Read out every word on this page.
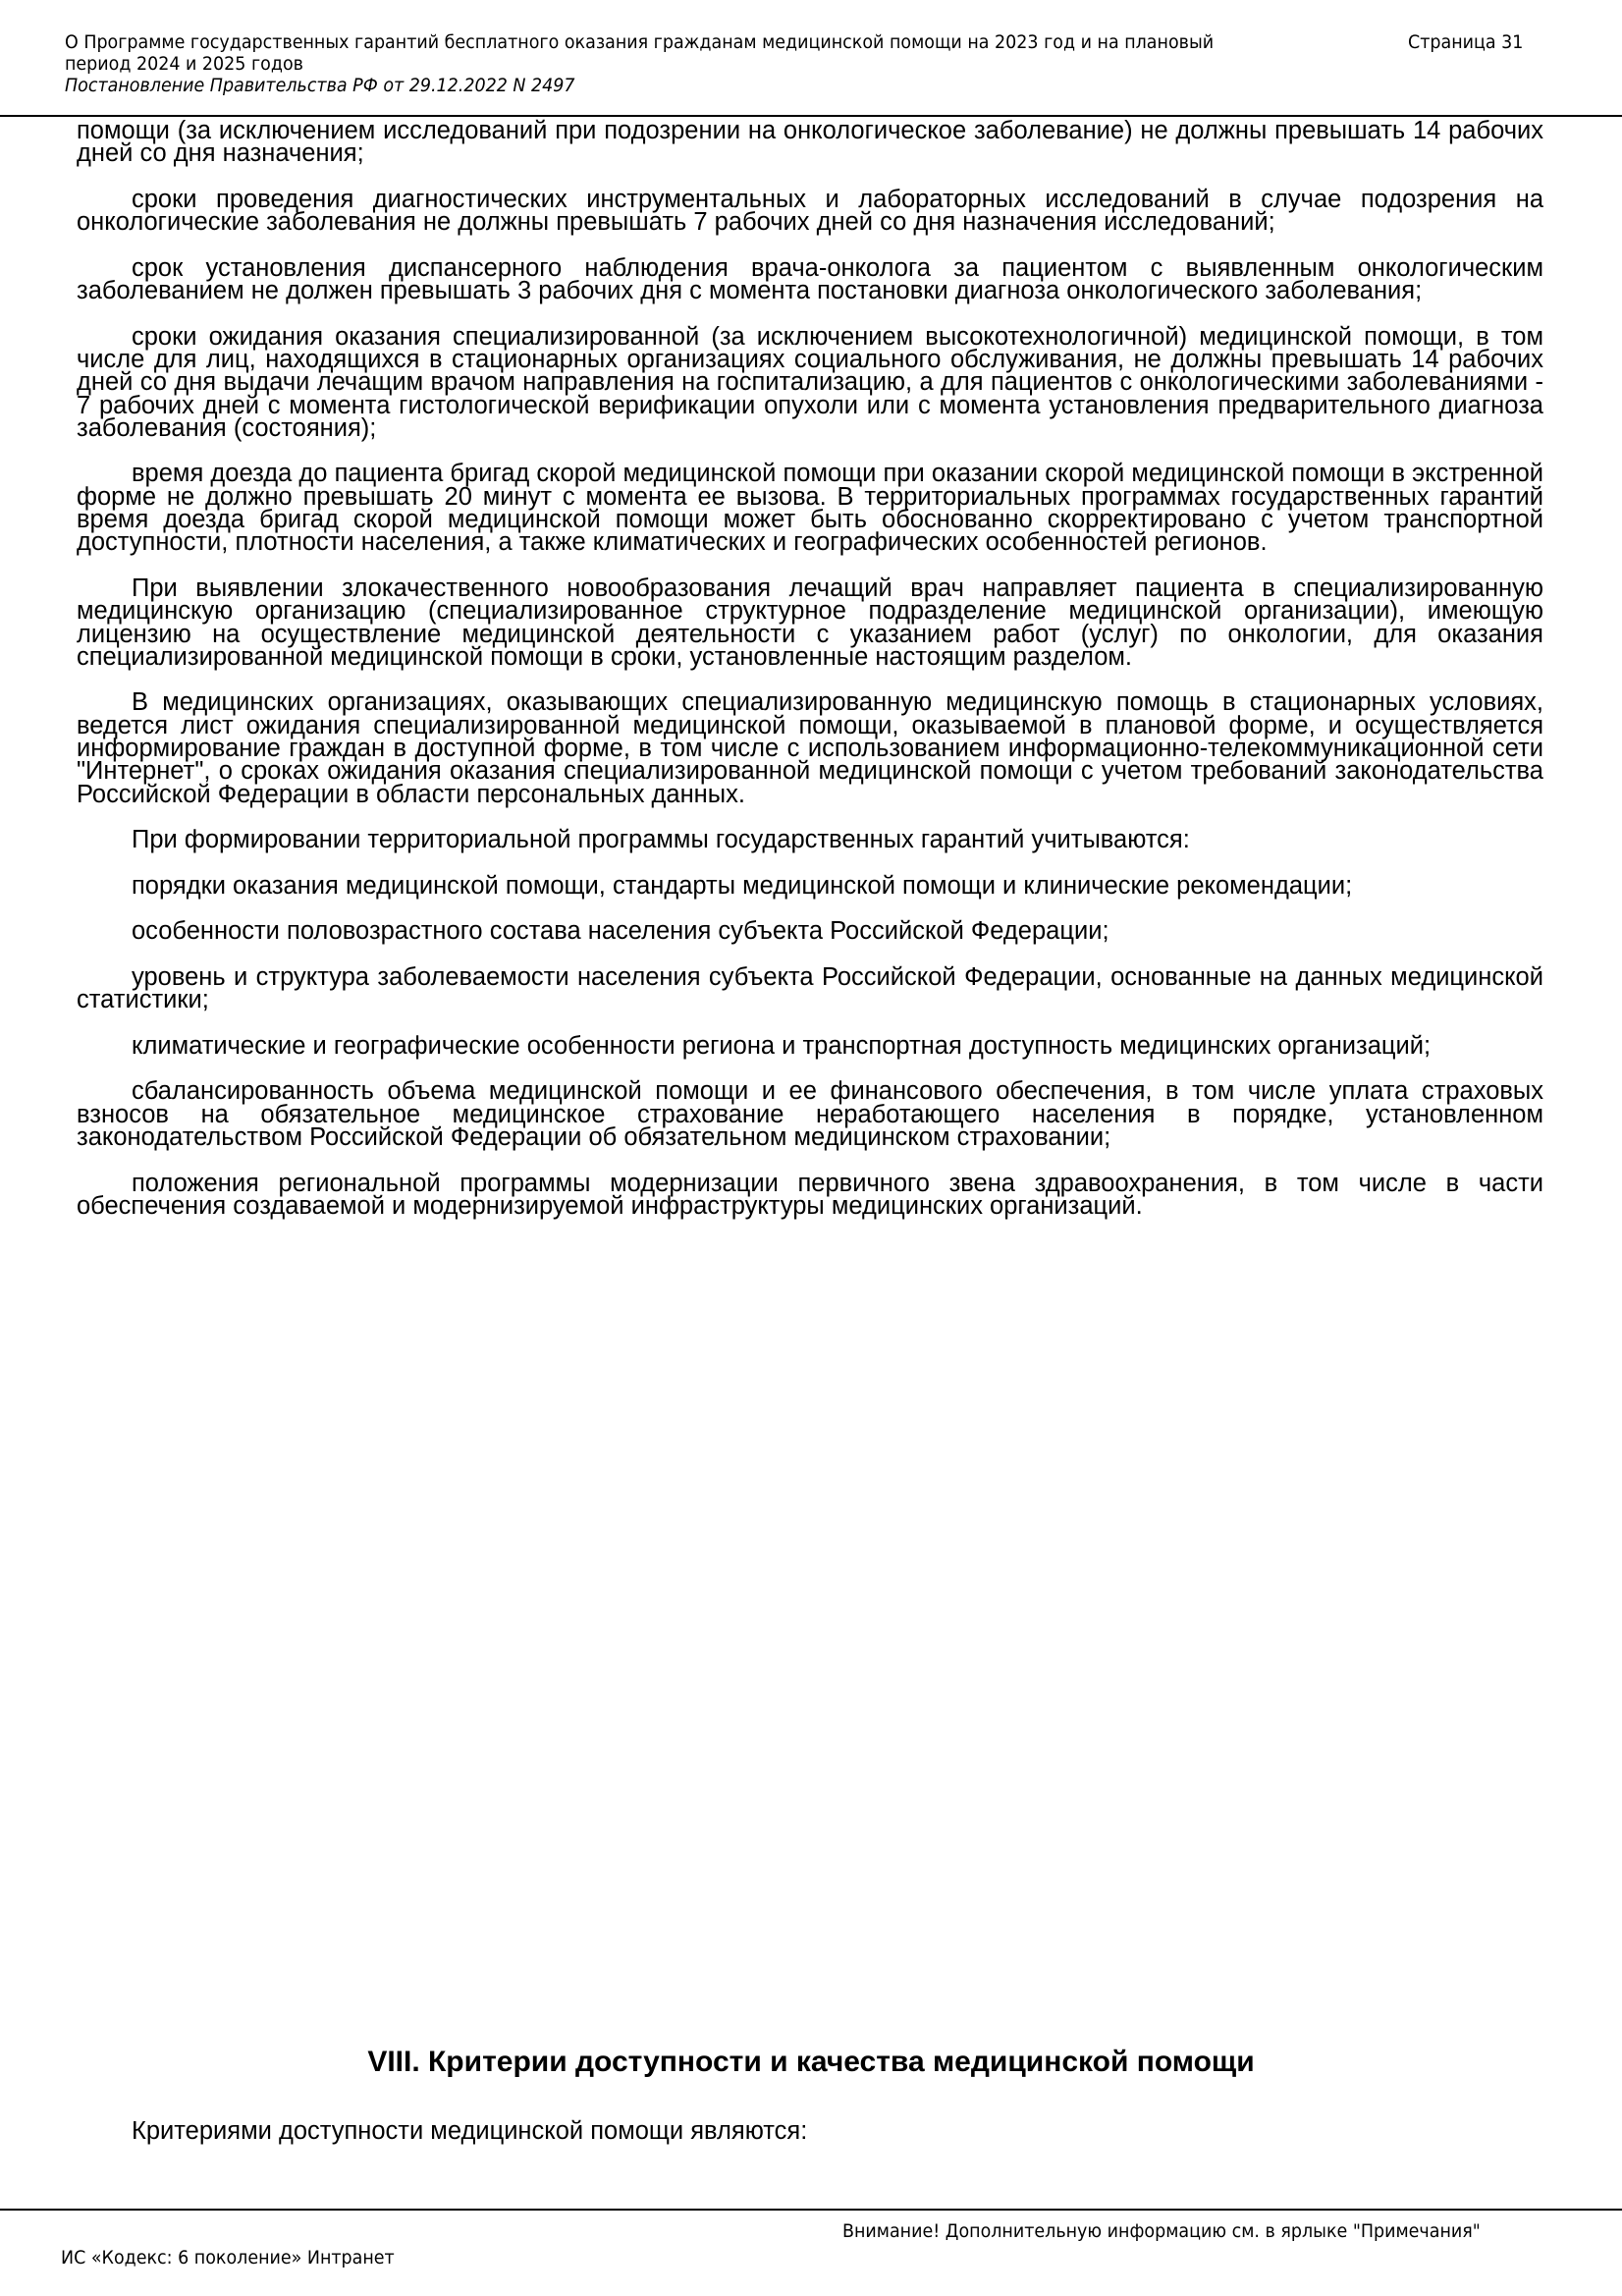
О Программе государственных гарантий бесплатного оказания гражданам медицинской помощи на 2023 год и на плановый
период 2024 и 2025 годов
Постановление Правительства РФ от 29.12.2022 N 2497
Страница 31

помощи (за исключением исследований при подозрении на онкологическое заболевание) не должны превышать 14 рабочих дней со дня назначения;

сроки проведения диагностических инструментальных и лабораторных исследований в случае подозрения на онкологические заболевания не должны превышать 7 рабочих дней со дня назначения исследований;

срок установления диспансерного наблюдения врача-онколога за пациентом с выявленным онкологическим заболеванием не должен превышать 3 рабочих дня с момента постановки диагноза онкологического заболевания;

сроки ожидания оказания специализированной (за исключением высокотехнологичной) медицинской помощи, в том числе для лиц, находящихся в стационарных организациях социального обслуживания, не должны превышать 14 рабочих дней со дня выдачи лечащим врачом направления на госпитализацию, а для пациентов с онкологическими заболеваниями - 7 рабочих дней с момента гистологической верификации опухоли или с момента установления предварительного диагноза заболевания (состояния);

время доезда до пациента бригад скорой медицинской помощи при оказании скорой медицинской помощи в экстренной форме не должно превышать 20 минут с момента ее вызова. В территориальных программах государственных гарантий время доезда бригад скорой медицинской помощи может быть обоснованно скорректировано с учетом транспортной доступности, плотности населения, а также климатических и географических особенностей регионов.

При выявлении злокачественного новообразования лечащий врач направляет пациента в специализированную медицинскую организацию (специализированное структурное подразделение медицинской организации), имеющую лицензию на осуществление медицинской деятельности с указанием работ (услуг) по онкологии, для оказания специализированной медицинской помощи в сроки, установленные настоящим разделом.

В медицинских организациях, оказывающих специализированную медицинскую помощь в стационарных условиях, ведется лист ожидания специализированной медицинской помощи, оказываемой в плановой форме, и осуществляется информирование граждан в доступной форме, в том числе с использованием информационно-телекоммуникационной сети "Интернет", о сроках ожидания оказания специализированной медицинской помощи с учетом требований законодательства Российской Федерации в области персональных данных.

При формировании территориальной программы государственных гарантий учитываются:

порядки оказания медицинской помощи, стандарты медицинской помощи и клинические рекомендации;

особенности половозрастного состава населения субъекта Российской Федерации;

уровень и структура заболеваемости населения субъекта Российской Федерации, основанные на данных медицинской статистики;

климатические и географические особенности региона и транспортная доступность медицинских организаций;

сбалансированность объема медицинской помощи и ее финансового обеспечения, в том числе уплата страховых взносов на обязательное медицинское страхование неработающего населения в порядке, установленном законодательством Российской Федерации об обязательном медицинском страховании;

положения региональной программы модернизации первичного звена здравоохранения, в том числе в части обеспечения создаваемой и модернизируемой инфраструктуры медицинских организаций.

VIII. Критерии доступности и качества медицинской помощи
Критериями доступности медицинской помощи являются:
Внимание! Дополнительную информацию см. в ярлыке "Примечания"
ИС «Кодекс: 6 поколение» Интранет
